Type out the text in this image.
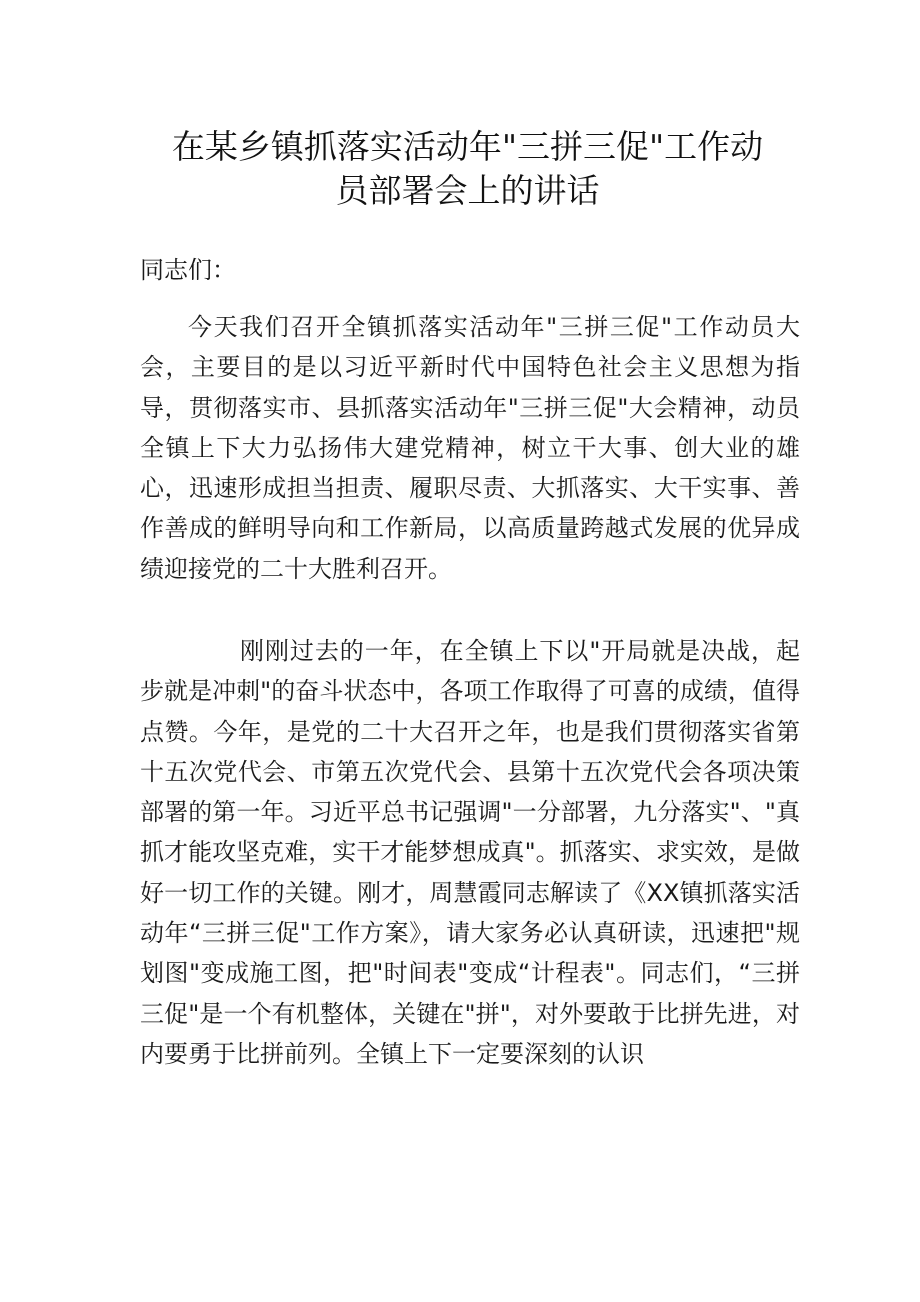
在某乡镇抓落实活动年"三拼三促"工作动
员部署会上的讲话

同志们：

今天我们召开全镇抓落实活动年"三拼三促"工作动员大会，主要目的是以习近平新时代中国特色社会主义思想为指导，贯彻落实市、县抓落实活动年"三拼三促"大会精神，动员全镇上下大力弘扬伟大建党精神，树立干大事、创大业的雄心，迅速形成担当担责、履职尽责、大抓落实、大干实事、善作善成的鲜明导向和工作新局，以高质量跨越式发展的优异成绩迎接党的二十大胜利召开。

刚刚过去的一年，在全镇上下以"开局就是决战，起步就是冲刺"的奋斗状态中，各项工作取得了可喜的成绩，值得点赞。今年，是党的二十大召开之年，也是我们贯彻落实省第十五次党代会、市第五次党代会、县第十五次党代会各项决策部署的第一年。习近平总书记强调"一分部署，九分落实"、"真抓才能攻坚克难，实干才能梦想成真"。抓落实、求实效，是做好一切工作的关键。刚才，周慧霞同志解读了《XX镇抓落实活动年“三拼三促"工作方案》，请大家务必认真研读，迅速把"规划图"变成施工图，把"时间表"变成“计程表"。同志们，“三拼三促"是一个有机整体，关键在"拼"，对外要敢于比拼先进，对内要勇于比拼前列。全镇上下一定要深刻的认识
